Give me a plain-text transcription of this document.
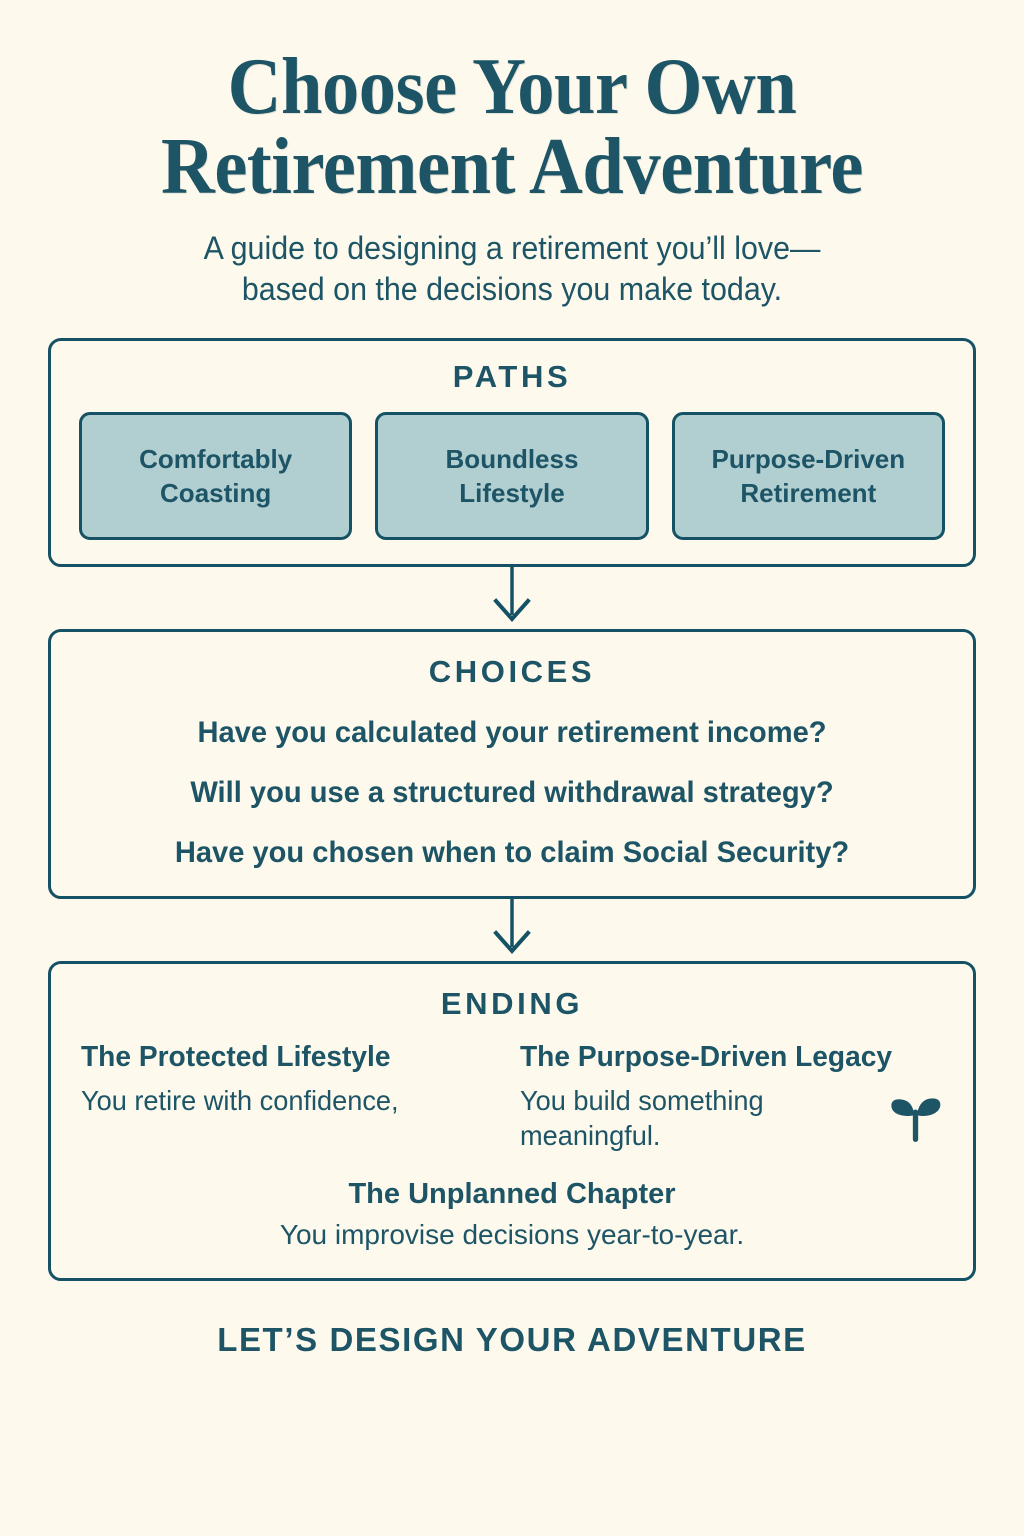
Choose Your Own
Retirement Adventure

A guide to designing a retirement you’ll love—
based on the decisions you make today.

PATHS
Comfortably
Coasting
Boundless
Lifestyle
Purpose-Driven
Retirement
CHOICES
Have you calculated your retirement income?
Will you use a structured withdrawal strategy?
Have you chosen when to claim Social Security?
ENDING
The Protected Lifestyle
You retire with confidence,
The Purpose-Driven Legacy
You build something meaningful.
The Unplanned Chapter
You improvise decisions year-to-year.
LET’S DESIGN YOUR ADVENTURE
